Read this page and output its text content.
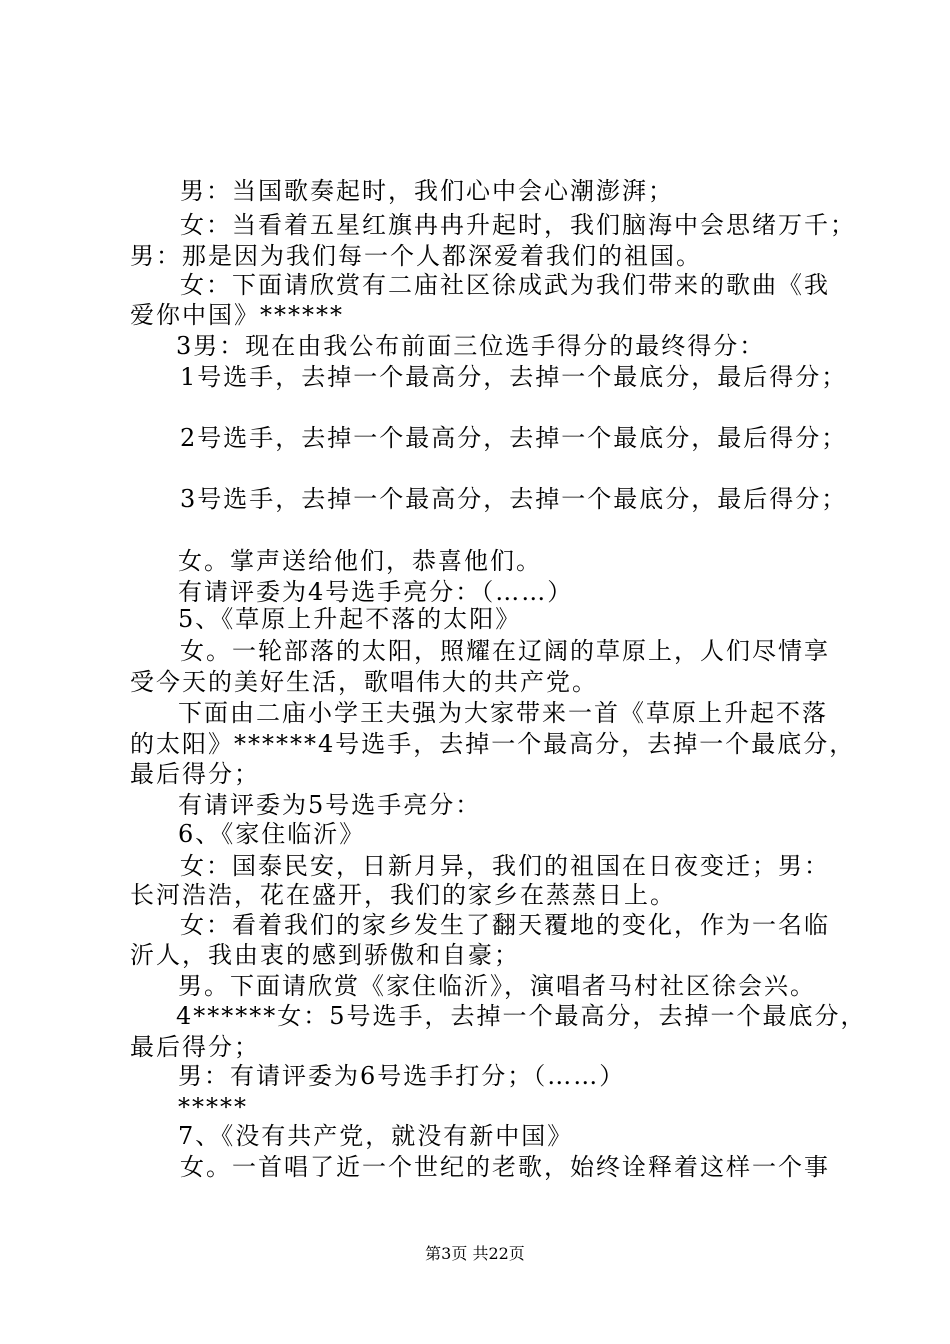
男：当国歌奏起时，我们心中会心潮澎湃；
女：当看着五星红旗冉冉升起时，我们脑海中会思绪万千；
男：那是因为我们每一个人都深爱着我们的祖国。
女：下面请欣赏有二庙社区徐成武为我们带来的歌曲《我
爱你中国》******
3男：现在由我公布前面三位选手得分的最终得分：
1号选手，去掉一个最高分，去掉一个最底分，最后得分；
2号选手，去掉一个最高分，去掉一个最底分，最后得分；
3号选手，去掉一个最高分，去掉一个最底分，最后得分；
女。掌声送给他们，恭喜他们。
有请评委为4号选手亮分：（……）
5、《草原上升起不落的太阳》
女。一轮部落的太阳，照耀在辽阔的草原上，人们尽情享
受今天的美好生活，歌唱伟大的共产党。
下面由二庙小学王夫强为大家带来一首《草原上升起不落
的太阳》******4号选手，去掉一个最高分，去掉一个最底分，
最后得分；
有请评委为5号选手亮分：
6、《家住临沂》
女：国泰民安，日新月异，我们的祖国在日夜变迁；男：
长河浩浩，花在盛开，我们的家乡在蒸蒸日上。
女：看着我们的家乡发生了翻天覆地的变化，作为一名临
沂人，我由衷的感到骄傲和自豪；
男。下面请欣赏《家住临沂》，演唱者马村社区徐会兴。
4******女：5号选手，去掉一个最高分，去掉一个最底分，
最后得分；
男：有请评委为6号选手打分；（……）
*****
7、《没有共产党，就没有新中国》
女。一首唱了近一个世纪的老歌，始终诠释着这样一个事
第3页 共22页
